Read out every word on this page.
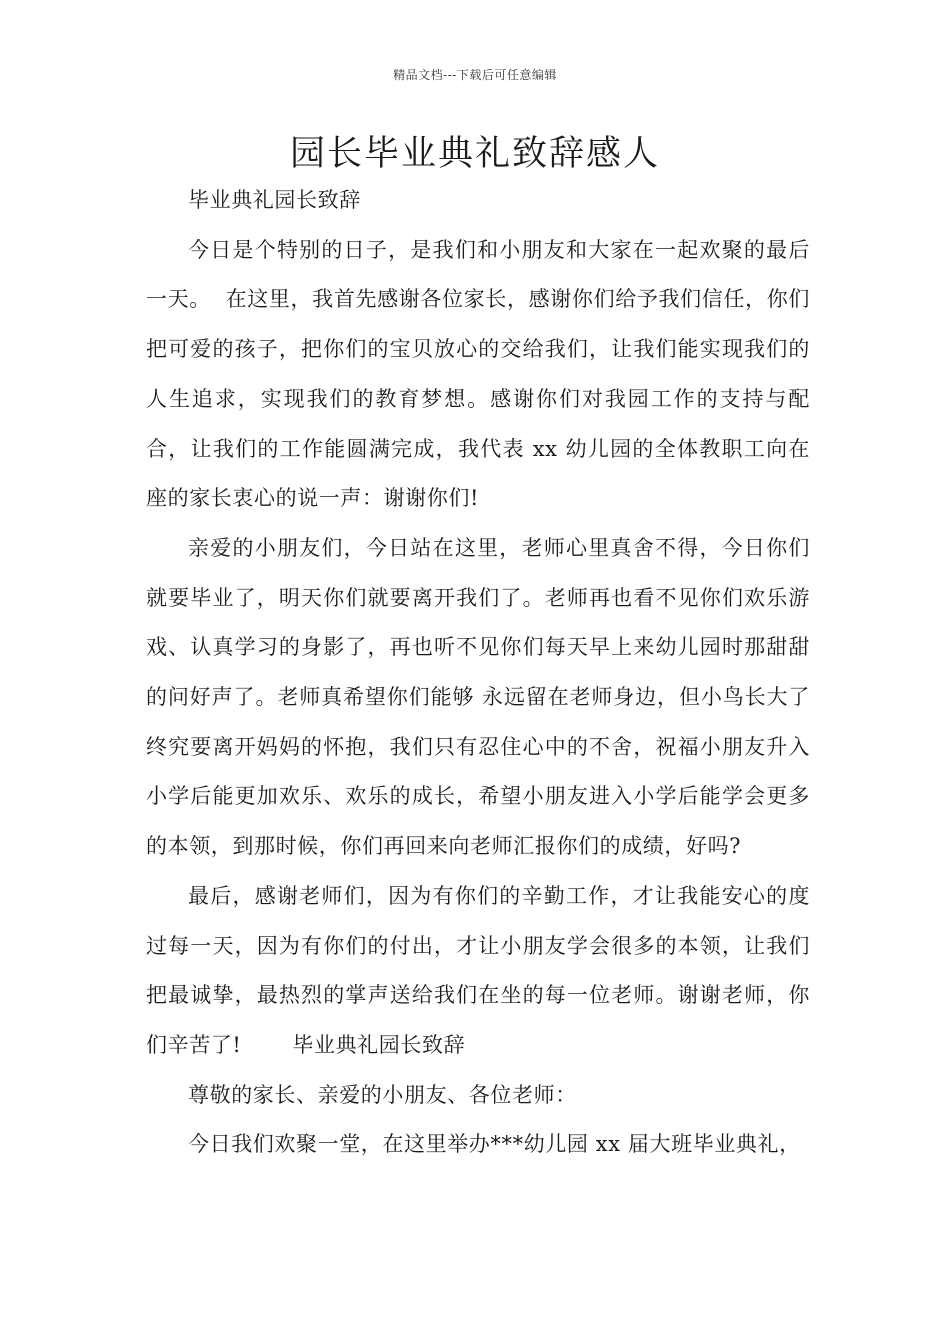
精品文档---下载后可任意编辑
园长毕业典礼致辞感人

毕业典礼园长致辞

今日是个特别的日子，是我们和小朋友和大家在一起欢聚的最后一天。  在这里，我首先感谢各位家长，感谢你们给予我们信任，你们把可爱的孩子，把你们的宝贝放心的交给我们，让我们能实现我们的人生追求，实现我们的教育梦想。感谢你们对我园工作的支持与配合，让我们的工作能圆满完成，我代表 xx 幼儿园的全体教职工向在座的家长衷心的说一声：谢谢你们!

亲爱的小朋友们，今日站在这里，老师心里真舍不得，今日你们就要毕业了，明天你们就要离开我们了。老师再也看不见你们欢乐游戏、认真学习的身影了，再也听不见你们每天早上来幼儿园时那甜甜的问好声了。老师真希望你们能够 永远留在老师身边，但小鸟长大了终究要离开妈妈的怀抱，我们只有忍住心中的不舍，祝福小朋友升入小学后能更加欢乐、欢乐的成长，希望小朋友进入小学后能学会更多的本领，到那时候，你们再回来向老师汇报你们的成绩，好吗?

最后，感谢老师们，因为有你们的辛勤工作，才让我能安心的度过每一天，因为有你们的付出，才让小朋友学会很多的本领，让我们把最诚挚，最热烈的掌声送给我们在坐的每一位老师。谢谢老师，你们辛苦了!       毕业典礼园长致辞

尊敬的家长、亲爱的小朋友、各位老师：

今日我们欢聚一堂，在这里举办***幼儿园 xx 届大班毕业典礼，
